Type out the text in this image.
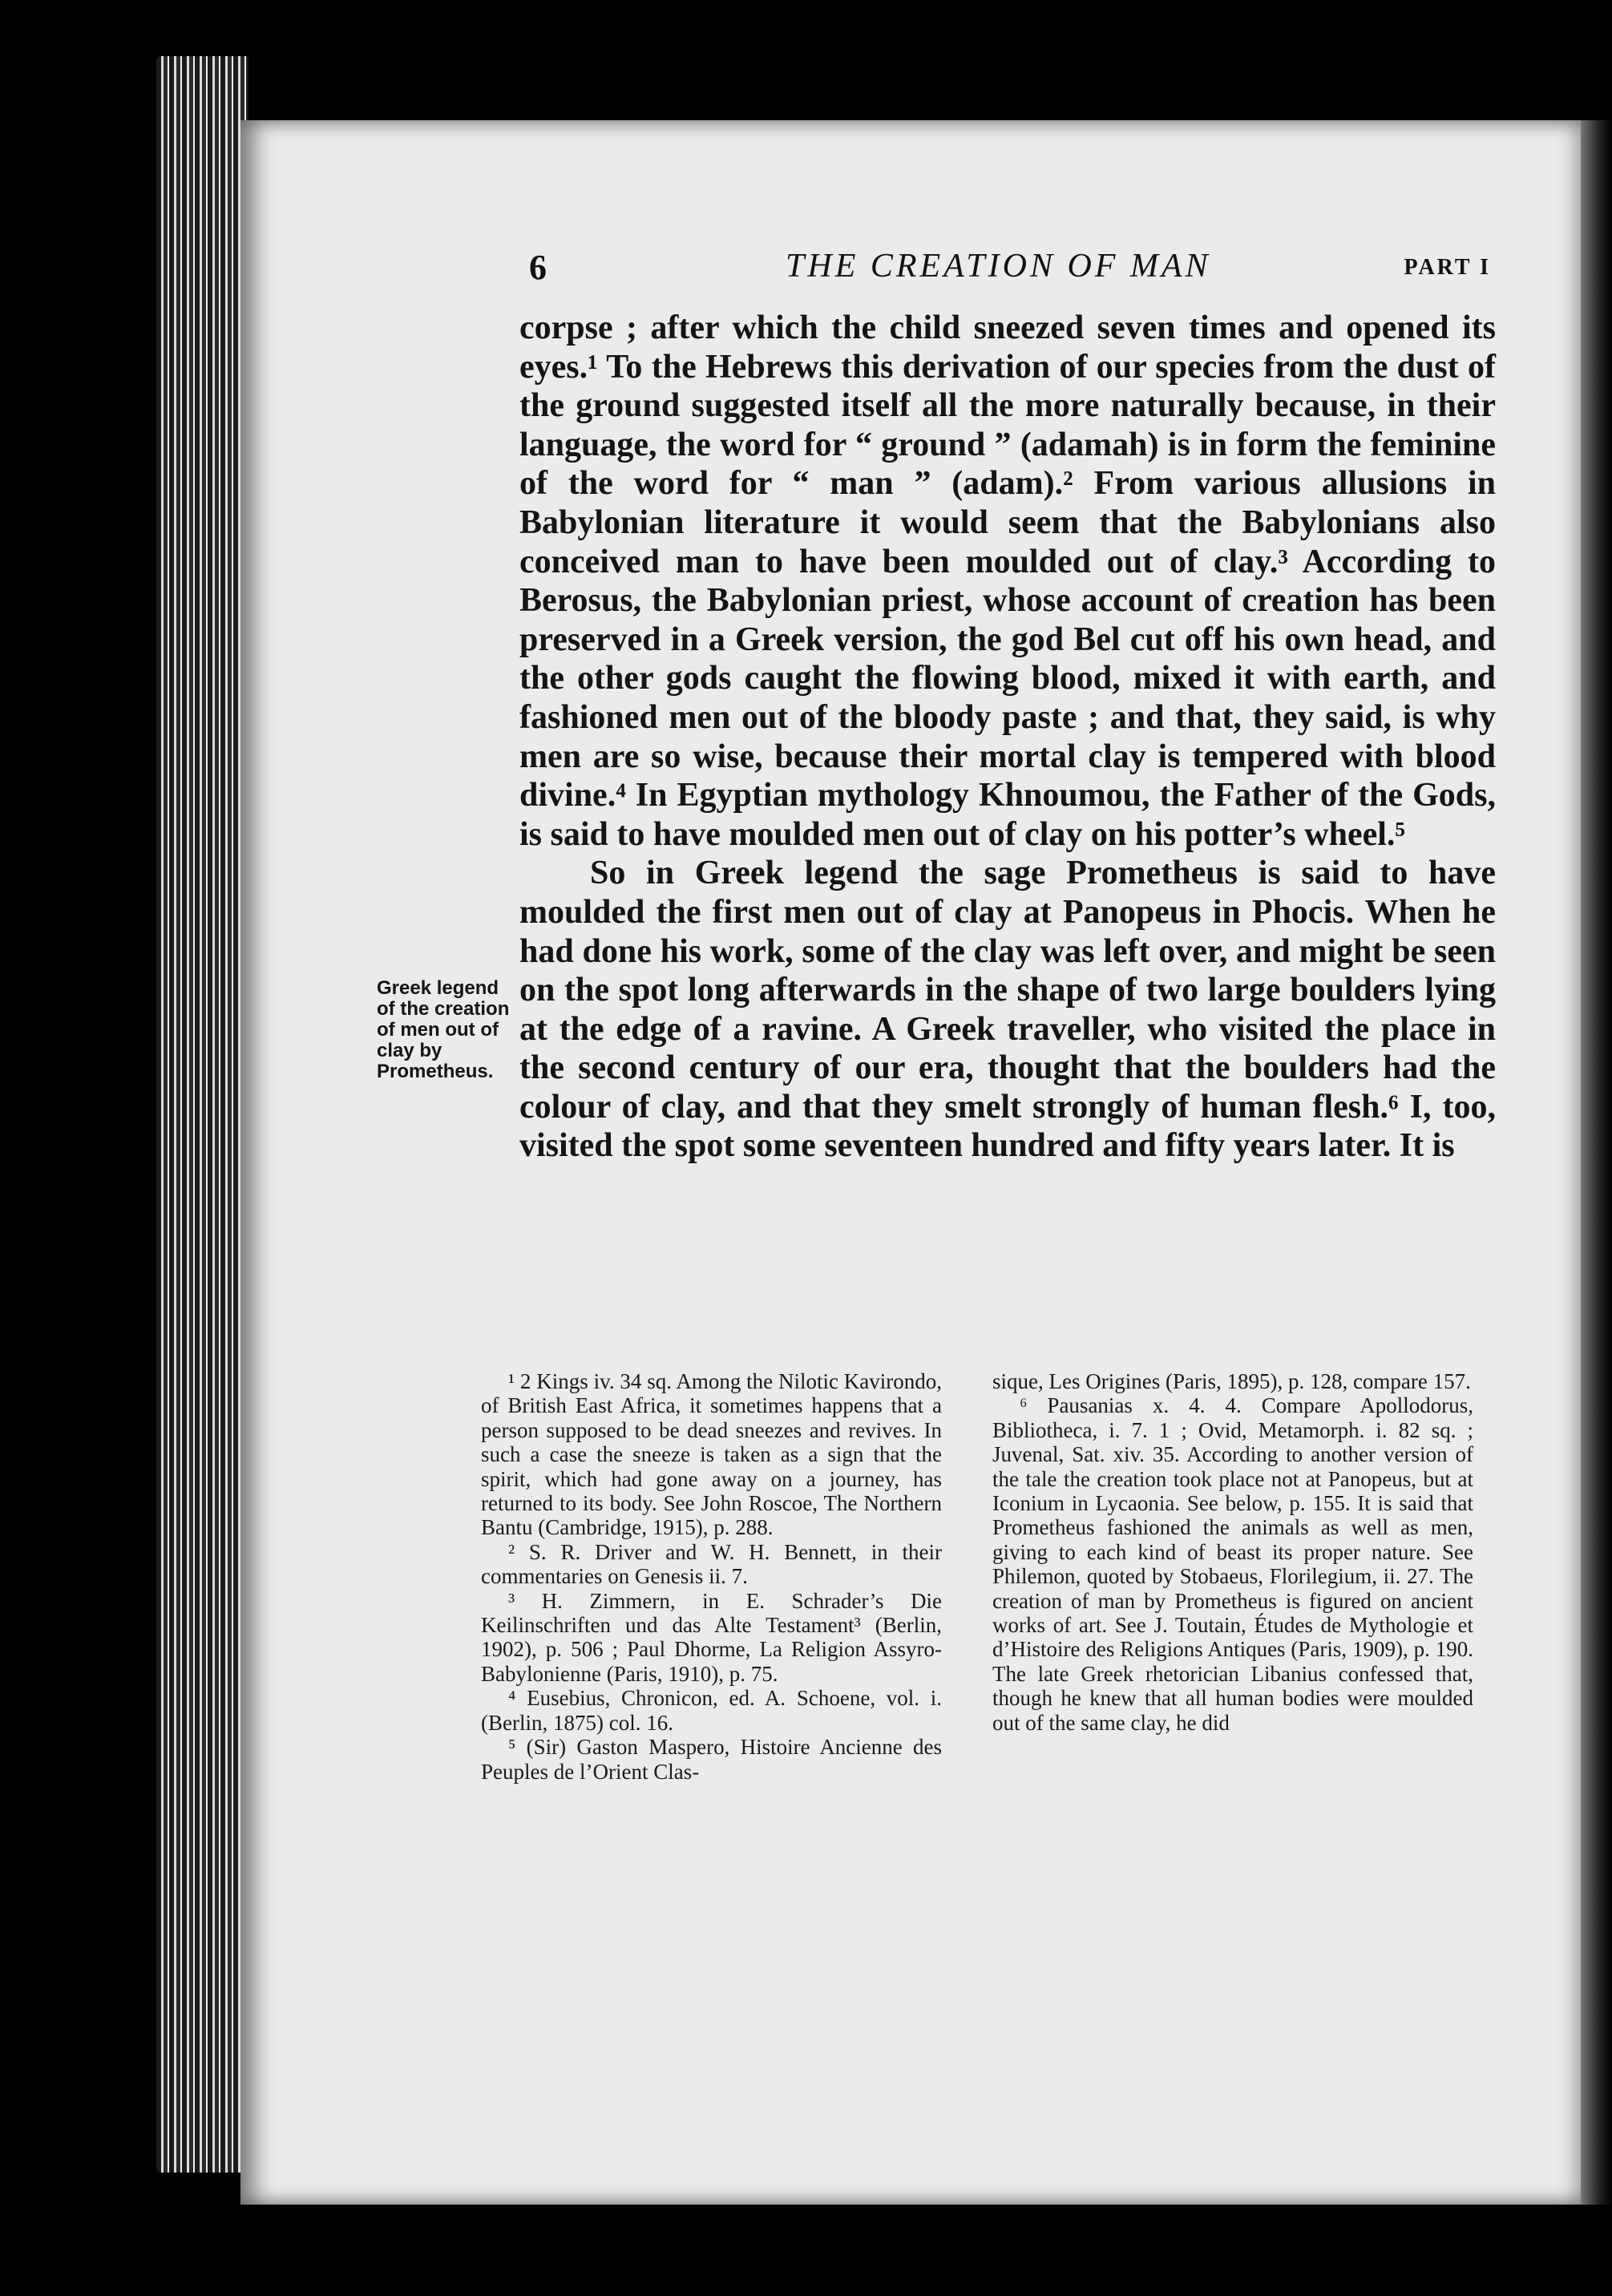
6	THE CREATION OF MAN	PART I
Greek legend of the creation of men out of clay by Prometheus.

corpse ; after which the child sneezed seven times and opened its eyes.¹ To the Hebrews this derivation of our species from the dust of the ground suggested itself all the more naturally because, in their language, the word for “ ground ” (adamah) is in form the feminine of the word for “ man ” (adam).² From various allusions in Babylonian literature it would seem that the Babylonians also conceived man to have been moulded out of clay.³ According to Berosus, the Babylonian priest, whose account of creation has been preserved in a Greek version, the god Bel cut off his own head, and the other gods caught the flowing blood, mixed it with earth, and fashioned men out of the bloody paste ; and that, they said, is why men are so wise, because their mortal clay is tempered with blood divine.⁴ In Egyptian mythology Khnoumou, the Father of the Gods, is said to have moulded men out of clay on his potter’s wheel.⁵

So in Greek legend the sage Prometheus is said to have moulded the first men out of clay at Panopeus in Phocis. When he had done his work, some of the clay was left over, and might be seen on the spot long afterwards in the shape of two large boulders lying at the edge of a ravine. A Greek traveller, who visited the place in the second century of our era, thought that the boulders had the colour of clay, and that they smelt strongly of human flesh.⁶ I, too, visited the spot some seventeen hundred and fifty years later. It is

¹ 2 Kings iv. 34 sq. Among the Nilotic Kavirondo, of British East Africa, it sometimes happens that a person supposed to be dead sneezes and revives. In such a case the sneeze is taken as a sign that the spirit, which had gone away on a journey, has returned to its body. See John Roscoe, The Northern Bantu (Cambridge, 1915), p. 288.

² S. R. Driver and W. H. Bennett, in their commentaries on Genesis ii. 7.

³ H. Zimmern, in E. Schrader’s Die Keilinschriften und das Alte Testament³ (Berlin, 1902), p. 506 ; Paul Dhorme, La Religion Assyro-Babylonienne (Paris, 1910), p. 75.

⁴ Eusebius, Chronicon, ed. A. Schoene, vol. i. (Berlin, 1875) col. 16.

⁵ (Sir) Gaston Maspero, Histoire Ancienne des Peuples de l’Orient Clas-

sique, Les Origines (Paris, 1895), p. 128, compare 157.

⁶ Pausanias x. 4. 4. Compare Apollodorus, Bibliotheca, i. 7. 1 ; Ovid, Metamorph. i. 82 sq. ; Juvenal, Sat. xiv. 35. According to another version of the tale the creation took place not at Panopeus, but at Iconium in Lycaonia. See below, p. 155. It is said that Prometheus fashioned the animals as well as men, giving to each kind of beast its proper nature. See Philemon, quoted by Stobaeus, Florilegium, ii. 27. The creation of man by Prometheus is figured on ancient works of art. See J. Toutain, Études de Mythologie et d’Histoire des Religions Antiques (Paris, 1909), p. 190. The late Greek rhetorician Libanius confessed that, though he knew that all human bodies were moulded out of the same clay, he did
